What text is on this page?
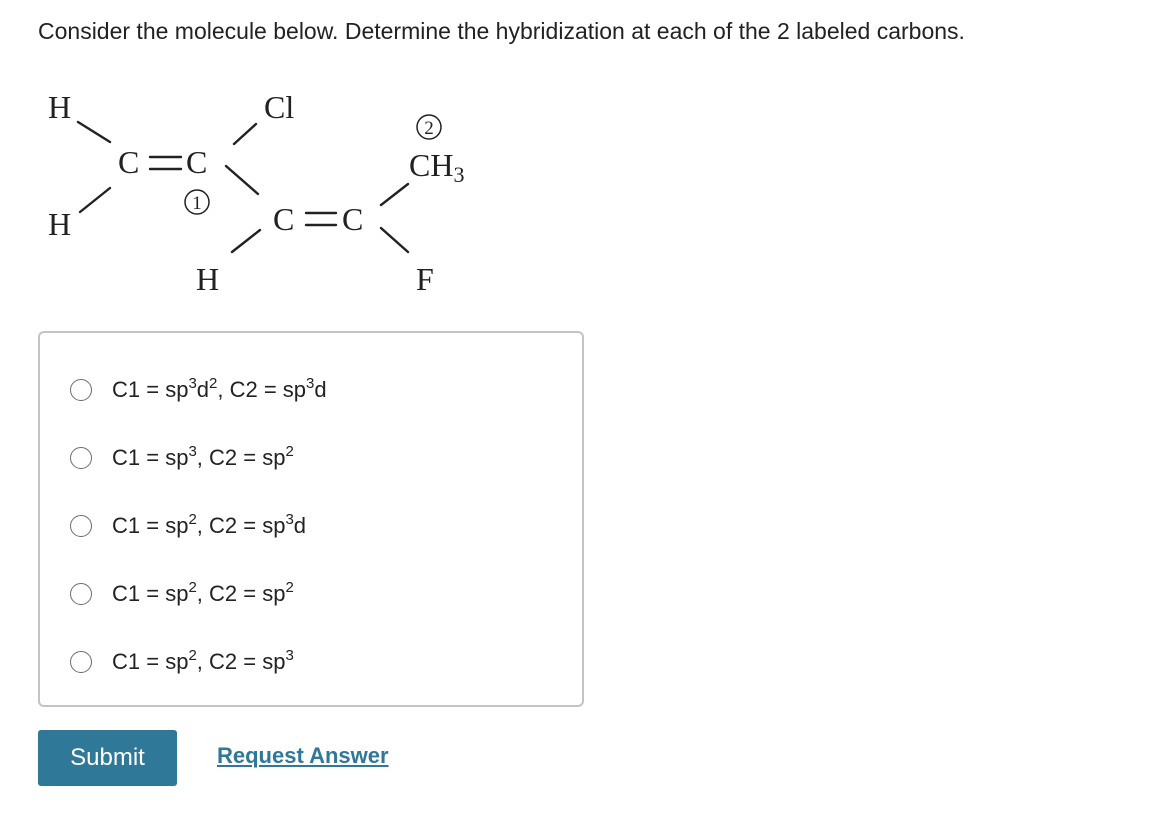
Consider the molecule below. Determine the hybridization at each of the 2 labeled carbons.
H
H
C C
Cl
H
C C
CH3
F
1
2
$C1 = sp^3d^2$, $C2 = sp^3d$
$C1 = sp^3$, $C2 = sp^2$
$C1 = sp^2$, $C2 = sp^3d$
$C1 = sp^2$, $C2 = sp^2$
$C1 = sp^2$, $C2 = sp^3$
Submit	Request Answer
